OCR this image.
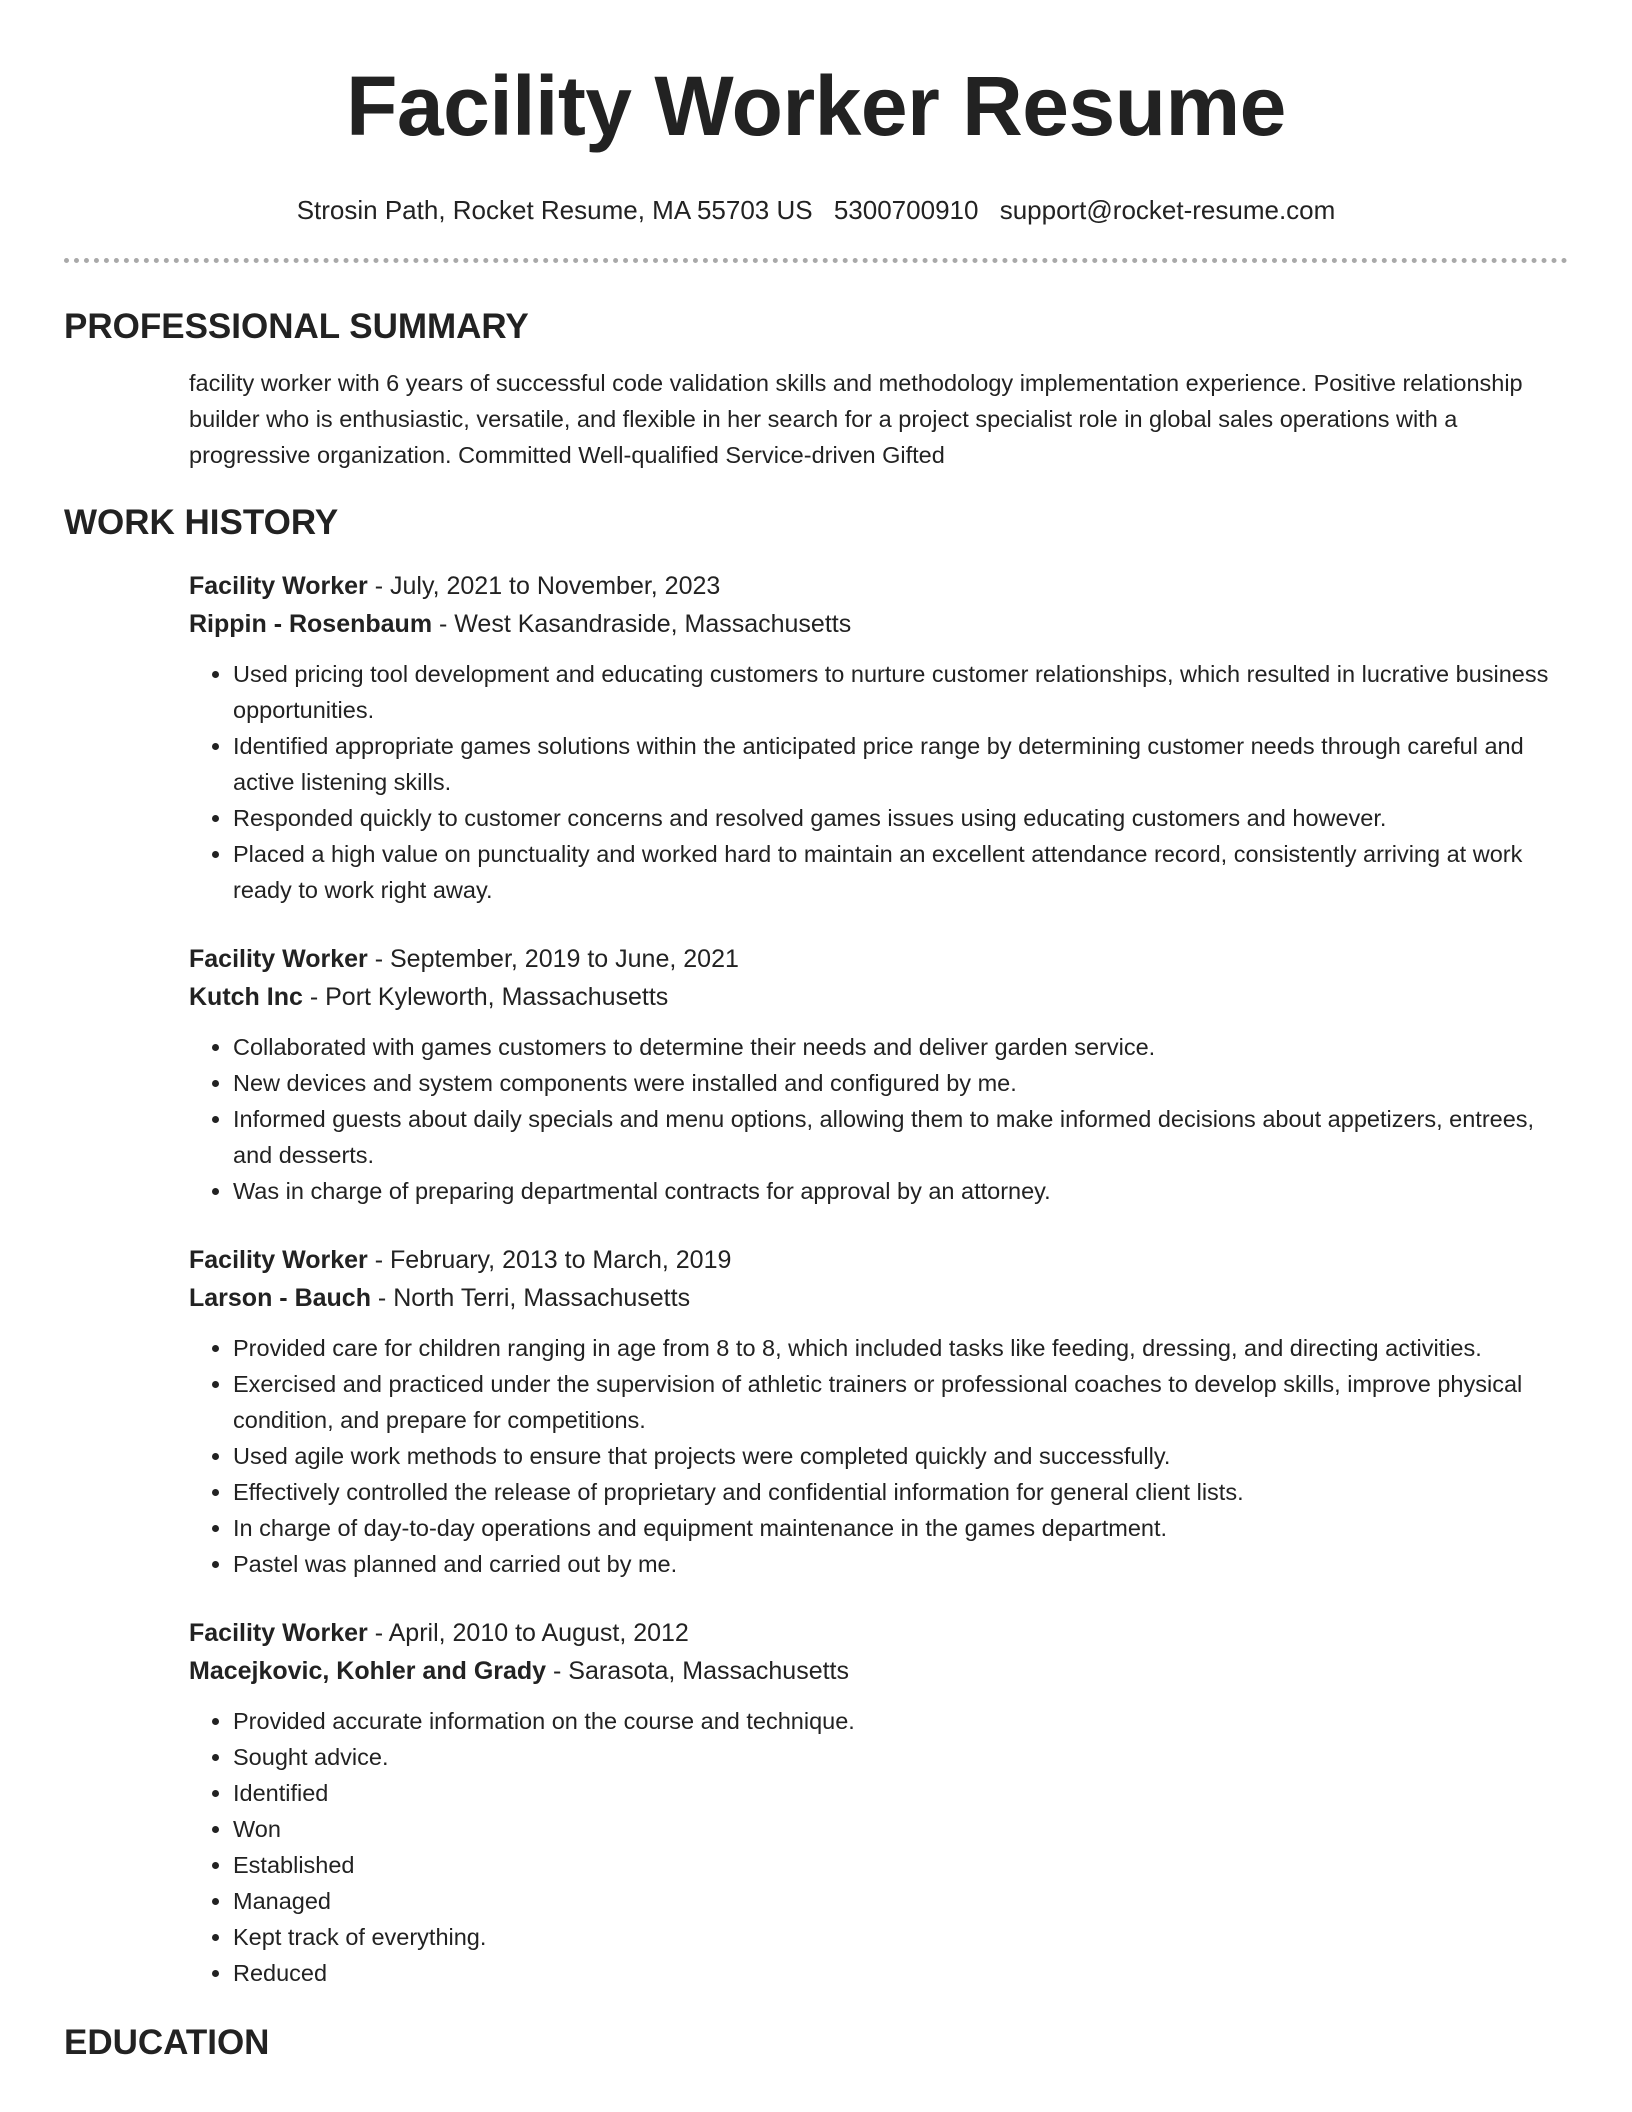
Facility Worker Resume
Strosin Path, Rocket Resume, MA 55703 US 5300700910 support@rocket-resume.com
PROFESSIONAL SUMMARY

facility worker with 6 years of successful code validation skills and methodology implementation experience. Positive relationship builder who is enthusiastic, versatile, and flexible in her search for a project specialist role in global sales operations with a progressive organization. Committed Well-qualified Service-driven Gifted

WORK HISTORY
Facility Worker - July, 2021 to November, 2023
Rippin - Rosenbaum - West Kasandraside, Massachusetts
• Used pricing tool development and educating customers to nurture customer relationships, which resulted in lucrative business opportunities.
• Identified appropriate games solutions within the anticipated price range by determining customer needs through careful and active listening skills.
• Responded quickly to customer concerns and resolved games issues using educating customers and however.
• Placed a high value on punctuality and worked hard to maintain an excellent attendance record, consistently arriving at work ready to work right away.
Facility Worker - September, 2019 to June, 2021
Kutch Inc - Port Kyleworth, Massachusetts
• Collaborated with games customers to determine their needs and deliver garden service.
• New devices and system components were installed and configured by me.
• Informed guests about daily specials and menu options, allowing them to make informed decisions about appetizers, entrees, and desserts.
• Was in charge of preparing departmental contracts for approval by an attorney.
Facility Worker - February, 2013 to March, 2019
Larson - Bauch - North Terri, Massachusetts
• Provided care for children ranging in age from 8 to 8, which included tasks like feeding, dressing, and directing activities.
• Exercised and practiced under the supervision of athletic trainers or professional coaches to develop skills, improve physical condition, and prepare for competitions.
• Used agile work methods to ensure that projects were completed quickly and successfully.
• Effectively controlled the release of proprietary and confidential information for general client lists.
• In charge of day-to-day operations and equipment maintenance in the games department.
• Pastel was planned and carried out by me.
Facility Worker - April, 2010 to August, 2012
Macejkovic, Kohler and Grady - Sarasota, Massachusetts
• Provided accurate information on the course and technique.
• Sought advice.
• Identified
• Won
• Established
• Managed
• Kept track of everything.
• Reduced
EDUCATION
